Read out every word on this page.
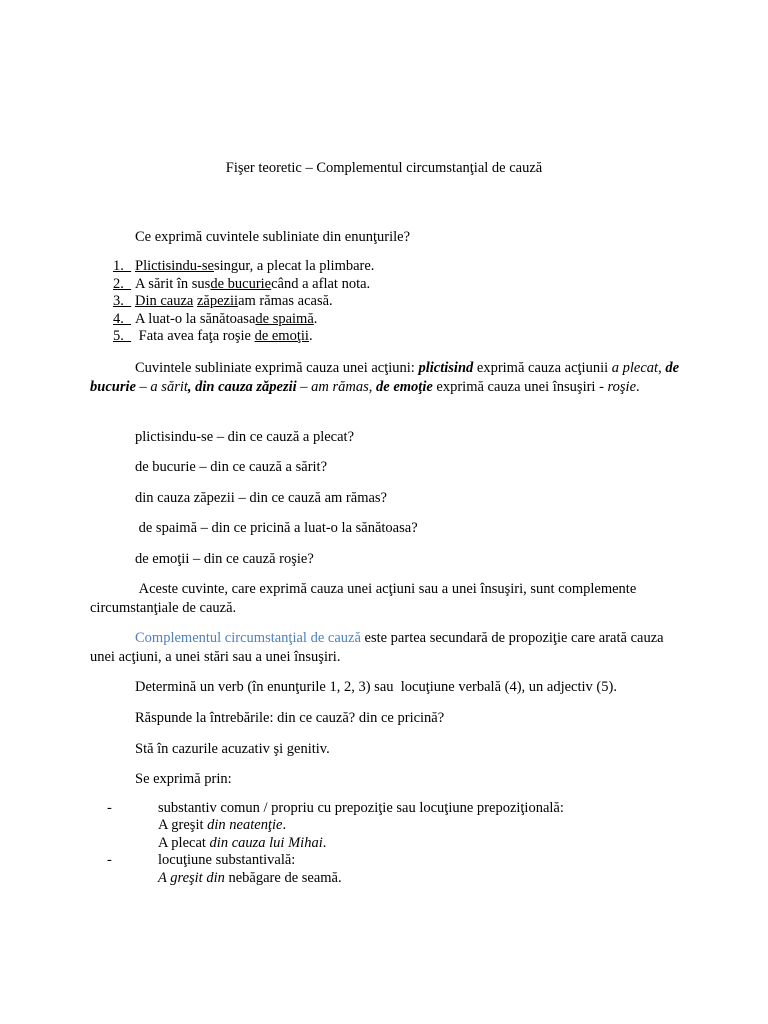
Fişer teoretic – Complementul circumstanţial de cauză
Ce exprimă cuvintele subliniate din enunţurile?
1. Plictisindu-se singur, a plecat la plimbare.
2. A sărit în sus de bucurie când a aflat nota.
3. Din cauza
zăpezii am rămas acasă.
4. A luat-o la sănătoasa de spaimă .
5. Fata avea faţa roşie de emoţii .
Cuvintele subliniate exprimă cauza unei acţiuni: plictisind exprimă cauza acţiunii a plecat, de bucurie – a sărit, din cauza zăpezii – am rămas, de emoţie exprimă cauza unei însuşiri - roşie.
plictisindu-se – din ce cauză a plecat?
de bucurie – din ce cauză a sărit?
din cauza zăpezii – din ce cauză am rămas?
de spaimă – din ce pricină a luat-o la sănătoasa?
de emoţii – din ce cauză roşie?
Aceste cuvinte, care exprimă cauza unei acţiuni sau a unei însuşiri, sunt complemente circumstanţiale de cauză.
Complementul circumstanţial de cauză este partea secundară de propoziţie care arată cauza unei acţiuni, a unei stări sau a unei însuşiri.
Determină un verb (în enunţurile 1, 2, 3) sau  locuţiune verbală (4), un adjectiv (5).
Răspunde la întrebările: din ce cauză? din ce pricină?
Stă în cazurile acuzativ şi genitiv.
Se exprimă prin:
-	substantiv comun / propriu cu prepoziţie sau locuţiune prepoziţională:
A greşit din neatenţie.
A plecat din cauza lui Mihai.
-	locuţiune substantivală:
A greşit din nebăgare de seamă.
